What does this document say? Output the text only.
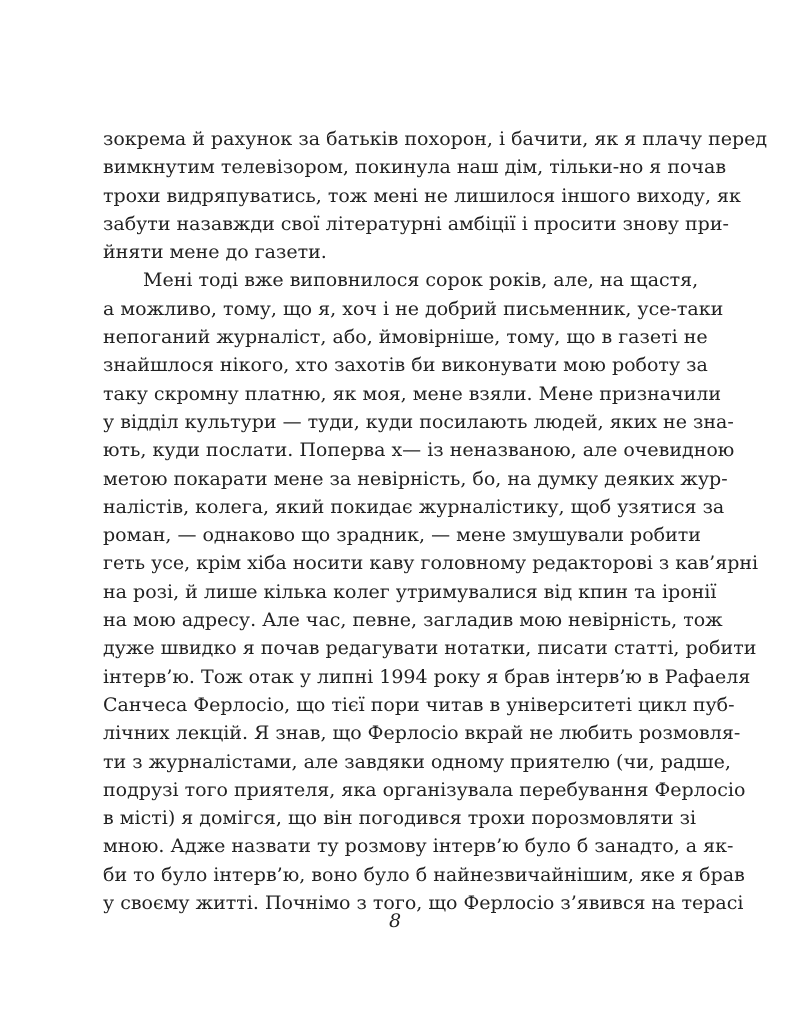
зокрема й рахунок за батьків похорон, і бачити, як я плачу перед
вимкнутим телевізором, покинула наш дім, тільки-но я почав
трохи видряпуватись, тож мені не лишилося іншого виходу, як
забути назавжди свої літературні амбіції і просити знову при-
йняти мене до газети.
Мені тоді вже виповнилося сорок років, але, на щастя,
а можливо, тому, що я, хоч і не добрий письменник, усе-таки
непоганий журналіст, або, ймовірніше, тому, що в газеті не
знайшлося нікого, хто захотів би виконувати мою роботу за
таку скромну платню, як моя, мене взяли. Мене призначили
у відділ культури — туди, куди посилають людей, яких не зна-
ють, куди послати. Поперва х— із неназваною, але очевидною
метою покарати мене за невірність, бо, на думку деяких жур-
налістів, колега, який покидає журналістику, щоб узятися за
роман, — однаково що зрадник, — мене змушували робити
геть усе, крім хіба носити каву головному редакторові з кав’ярні
на розі, й лише кілька колег утримувалися від кпин та іронії
на мою адресу. Але час, певне, загладив мою невірність, тож
дуже швидко я почав редагувати нотатки, писати статті, робити
інтерв’ю. Тож отак у липні 1994 року я брав інтерв’ю в Рафаеля
Санчеса Ферлосіо, що тієї пори читав в університеті цикл пуб-
лічних лекцій. Я знав, що Ферлосіо вкрай не любить розмовля-
ти з журналістами, але завдяки одному приятелю (чи, радше,
подрузі того приятеля, яка організувала перебування Ферлосіо
в місті) я домігся, що він погодився трохи порозмовляти зі
мною. Адже назвати ту розмову інтерв’ю було б занадто, а як-
би то було інтерв’ю, воно було б найнезвичайнішим, яке я брав
у своєму житті. Почнімо з того, що Ферлосіо з’явився на терасі
8
